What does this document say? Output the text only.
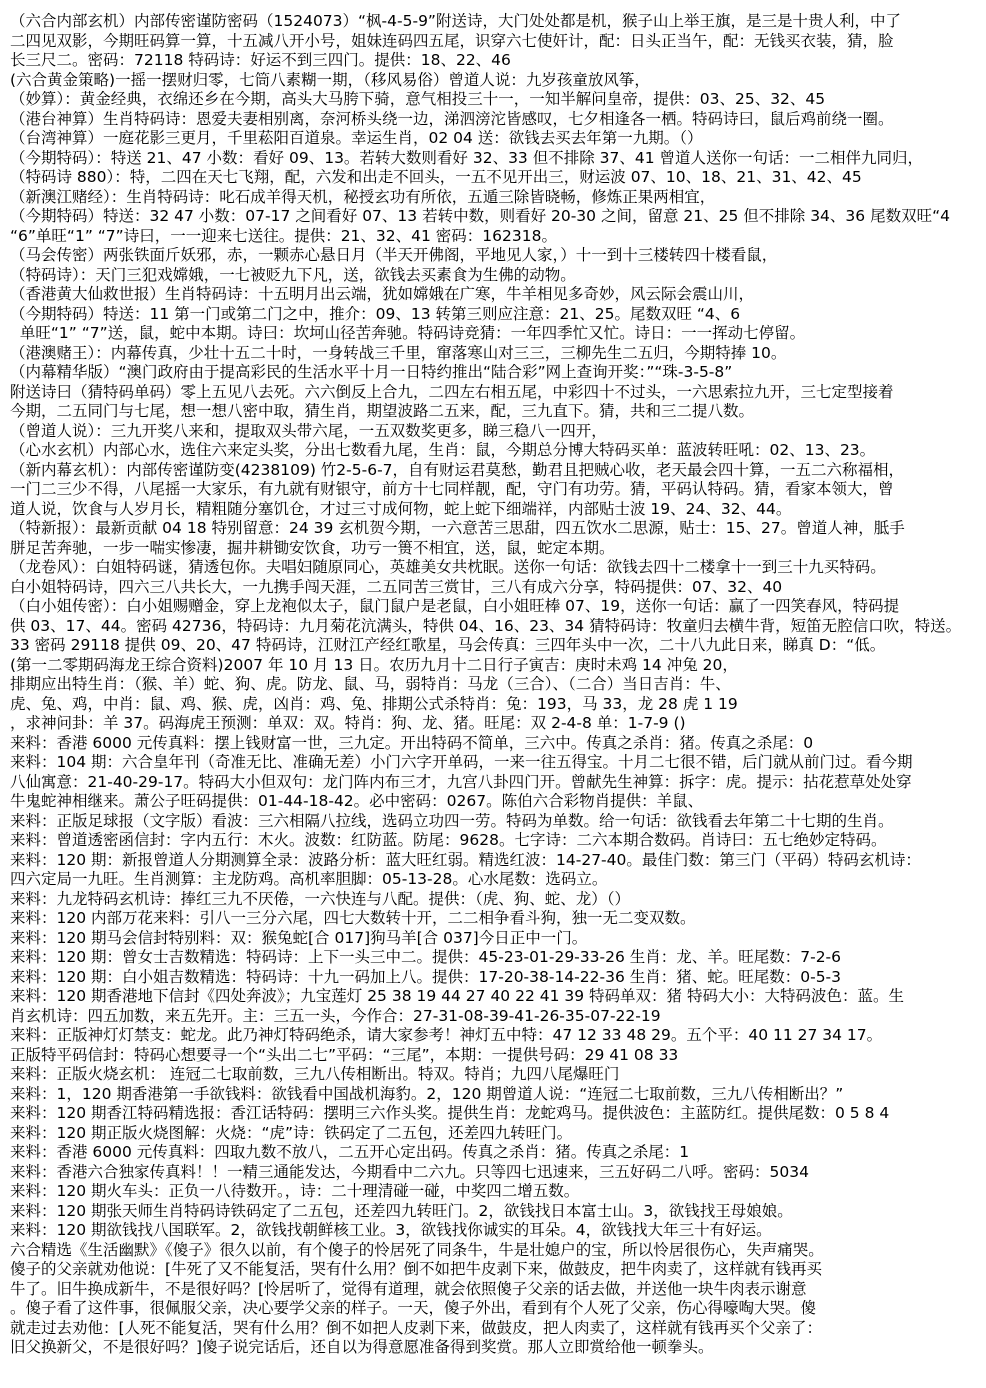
（六合内部玄机）内部传密谨防密码（1524073）“枫-4-5-9”附送诗，大门处处都是机，猴子山上举王旗，是三是十贵人利，中了
二四见双影，今期旺码算一算，十五减八开小号，姐妹连码四五尾，识穿六七使奸计，配：日头正当午，配：无钱买衣装，猜，脸
长三尺二。密码：72118 特码诗：好运不到三四门。提供：18、22、46
(六合黄金策略)一摇一摆财归零，七筒八素糊一期，（移风易俗）曾道人说：九岁孩童放风筝，
（妙算）：黄金经典，衣绵还乡在今期，高头大马胯下骑，意气相投三十一，一知半解问皇帝，提供：03、25、32、45
（港台神算）生肖特码诗：恩爱夫妻相别离，奈河桥头绕一边，涕泗滂沱皆感叹，七夕相逢各一栖。特码诗曰，鼠后鸡前绕一圈。
（台湾神算）一庭花影三更月，千里菘阳百道泉。幸运生肖，02 04 送：欲钱去买去年第一九期。（）
（今期特码）：特送 21、47 小数：看好 09、13。若转大数则看好 32、33 但不排除 37、41 曾道人送你一句话：一二相伴九同归，
（特码诗 880）：特，二四在天七飞翔，配，六发和出走不回头，一五不见开出三，财运波 07、10、18、21、31、42、45
（新澳江赌经）：生肖特码诗：叱石成羊得天机，秘授玄功有所依，五遁三除皆晓畅，修炼正果两相宜，
（今期特码）特送：32 47 小数：07-17 之间看好 07、13 若转中数，则看好 20-30 之间，留意 21、25 但不排除 34、36 尾数双旺“4
“6”单旺“1” “7”诗曰，一一迎来七送往。提供：21、32、41 密码：162318。
（马会传密）两张铁面斤妖邪，赤，一颗赤心悬日月（半天开佛阁，平地见人家，）十一到十三楼转四十楼看鼠，
（特码诗）：天门三犯戏嫦娥，一七被贬九下凡，送，欲钱去买素食为生佛的动物。
（香港黄大仙救世报）生肖特码诗：十五明月出云端，犹如嫦娥在广寒，牛羊相见多奇妙，风云际会震山川，
（今期特码）特送：11 第一门或第二门之中，推介：09、13 转第三则应注意：21、25。尾数双旺 “4、6
单旺“1” “7”送，鼠，蛇中本期。诗曰：坎坷山径苦奔驰。特码诗竞猜：一年四季忙又忙。诗日：一一挥动七停留。
（港澳赌王）：内幕传真，少壮十五二十时，一身转战三千里，窜落寒山对三三，三柳先生二五归，今期特捧 10。
（内幕精华版）“澳门政府由于提高彩民的生活水平十月一日特约推出“陆合彩”网上查询开奖：”“珠-3-5-8”
附送诗曰（猜特码单码）零上五见八去死。六六倒反上合九，二四左右相五尾，中彩四十不过头，一六思索拉九开，三七定型接着
今期，二五同门与七尾，想一想八密中取，猜生肖，期望波路二五来，配，三九直下。猜，共和三二提八数。
（曾道人说）：三九开奖八来和，提取双头带六尾，一五双数奖更多，睇三稳八一四开，
（心水玄机）内部心水，选住六来定头奖，分出七数看九尾，生肖：鼠，今期总分博大特码买单：蓝波转旺吼：02、13、23。
（新内幕玄机）：内部传密谨防变(4238109) 竹2-5-6-7，自有财运君莫愁，勤君且把贼心收，老天最会四十算，一五二六称福相，
一门二三少不得，八尾摇一大家乐，有九就有财银守，前方十七同样靓，配，守门有功劳。猜，平码认特码。猜，看家本领大，曾
道人说，饮食与人岁月长，精粗随分塞饥仓，才过三寸成何物，蛇上蛇下细端祥，内部贴士波 19、24、32、44。
（特新报）：最新贡献 04 18 特别留意：24 39 玄机贺今期，一六意苦三思甜，四五饮水二思源，贴士：15、27。曾道人神，胝手
胼足苦奔驰，一步一喘实惨凄，掘井耕锄安饮食，功亏一篑不相宜，送，鼠，蛇定本期。
（龙卷风）：白姐特码谜，猜透包你。夫唱妇随原同心，英雄美女共枕眠。送你一句话：欲钱去四十二楼拿十一到三十九买特码。
白小姐特码诗，四六三八共长大，一九携手闯天涯，二五同苦三赏甘，三八有成六分享，特码提供：07、32、40
（白小姐传密）：白小姐赐赠金，穿上龙袍似太子，鼠门鼠户是老鼠，白小姐旺棒 07、19，送你一句话：赢了一四笑春风，特码提
供 03、17、44。密码 42736，特码诗：九月菊花沆满头，特供 04、16、23、34 猜特码诗：牧童归去横牛背，短笛无腔信口吹，特送。
33 密码 29118 提供 09、20、47 特码诗，江财江产经红歌星，马会传真：三四年头中一次，二十八九此日来，睇真 D：“低。
(第一二零期码海龙王综合资料)2007 年 10 月 13 日。农历九月十二日行子寅吉：庚时未鸡 14 冲兔 20，
排期应出特生肖：（猴、羊）蛇、狗、虎。防龙、鼠、马，弱特肖：马龙（三合）、（二合）当日吉肖：牛、
虎、兔、鸡，中肖：鼠、鸡、猴、虎，凶肖：鸡、兔、排期公式杀特肖：兔：193，马 33，龙 28 虎 1 19
，求神问卦：羊 37。码海虎王预测：单双：双。特肖：狗、龙、猪。旺尾：双 2-4-8 单：1-7-9 ()
来料：香港 6000 元传真料：摆上钱财富一世，三九定。开出特码不简单，三六中。传真之杀肖：猪。传真之杀尾：0
来料：104 期：六合皇年刊（奇准无比、准确无差）小门六字开单码，一来一往五得宝。十月二七很不错，后门就从前门过。看今期
八仙寓意：21-40-29-17。特码大小但双句：龙门阵内布三才，九宫八卦四门开。曾献先生神算：拆字：虎。提示：拈花惹草处处穿
牛鬼蛇神相继来。萧公子旺码提供：01-44-18-42。必中密码：0267。陈伯六合彩物肖提供：羊鼠、
来料：正版足球报（文字版）看波：三六相隔八拉线，选码立功四一劳。特码为单数。给一句话：欲钱看去年第二十七期的生肖。
来料：曾道透密函信封：字内五行：木火。波数：红防蓝。防尾：9628。七字诗：二六本期合数码。肖诗曰：五七绝妙定特码。
来料：120 期：新报曾道人分期测算全录：波路分析：蓝大旺红弱。精选红波：14-27-40。最佳门数：第三门（平码）特码玄机诗：
四六定局一九旺。生肖测算：主龙防鸡。高机率胆脚：05-13-28。心水尾数：选码立。
来料：九龙特码玄机诗：捧红三九不厌倦，一六快连与八配。提供：（虎、狗、蛇、龙）（）
来料：120 内部万花来料：引八一三分六尾，四七大数转十开，二二相争看斗狗，独一无二变双数。
来料：120 期马会信封特别料：双：猴兔蛇[合 017]狗马羊[合 037]今日正中一门。
来料：120 期：曾女士吉数精选：特码诗：上下一头三中二。提供：45-23-01-29-33-26 生肖：龙、羊。旺尾数：7-2-6
来料：120 期：白小姐吉数精选：特码诗：十九一码加上八。提供：17-20-38-14-22-36 生肖：猪、蛇。旺尾数：0-5-3
来料：120 期香港地下信封《四处奔波》；九宝莲灯 25 38 19 44 27 40 22 41 39 特码单双：猪 特码大小：大特码波色：蓝。生
肖玄机诗：四五加数，来五先开。主：三五一头，今作合：27-31-08-39-41-26-35-07-22-19
来料：正版神灯灯禁支：蛇龙。此乃神灯特码绝杀，请大家参考！神灯五中特：47 12 33 48 29。五个平：40 11 27 34 17。
正版特平码信封：特码心想要寻一个“头出二七”平码：“三尾”，本期：一提供号码：29 41 08 33
来料：正版火烧玄机： 连冠二七取前数，三九八传相断出。特双。特肖；九四八尾爆旺门
来料：1，120 期香港第一手欲钱料：欲钱看中国战机海豹。2，120 期曾道人说：“连冠二七取前数，三九八传相断出？”
来料：120 期香江特码精选报：香江话特码：摆明三六作头奖。提供生肖：龙蛇鸡马。提供波色：主蓝防红。提供尾数：0 5 8 4
来料：120 期正版火烧图解：火烧：“虎”诗：铁码定了二五包，还差四九转旺门。
来料：香港 6000 元传真料：四取九数不放八，二五开心定出码。传真之杀肖：猪。传真之杀尾：1
来料：香港六合独家传真料！！一精三通能发达，今期看中二六九。只等四七迅速来，三五好码二八呼。密码：5034
来料：120 期火车头：正负一八待数开。，诗：二十理清碰一碰，中奖四二增五数。
来料：120 期张天师生肖特码诗铁码定了二五包，还差四九转旺门。2，欲钱找日本富士山。3，欲钱找王母娘娘。
来料：120 期欲钱找八国联军。2，欲钱找朝鲜核工业。3，欲钱找你诚实的耳朵。4，欲钱找大年三十有好运。
六合精选《生活幽默》《傻子》很久以前，有个傻子的怜居死了同条牛，牛是壮媳户的宝，所以怜居很伤心，失声痛哭。
傻子的父亲就劝他说：[牛死了又不能复活，哭有什么用？倒不如把牛皮剥下来，做鼓皮，把牛肉卖了，这样就有钱再买
牛了。旧牛换成新牛，不是很好吗？[怜居听了，觉得有道理，就会依照傻子父亲的话去做，并送他一块牛肉表示谢意
。傻子看了这件事，很佩服父亲，决心要学父亲的样子。一天，傻子外出，看到有个人死了父亲，伤心得嚎啕大哭。傻
就走过去劝他：[人死不能复活，哭有什么用？倒不如把人皮剥下来，做鼓皮，把人肉卖了，这样就有钱再买个父亲了：
旧父换新父，不是很好吗？]傻子说完话后，还自以为得意愿准备得到奖赏。那人立即赏给他一顿拳头。
